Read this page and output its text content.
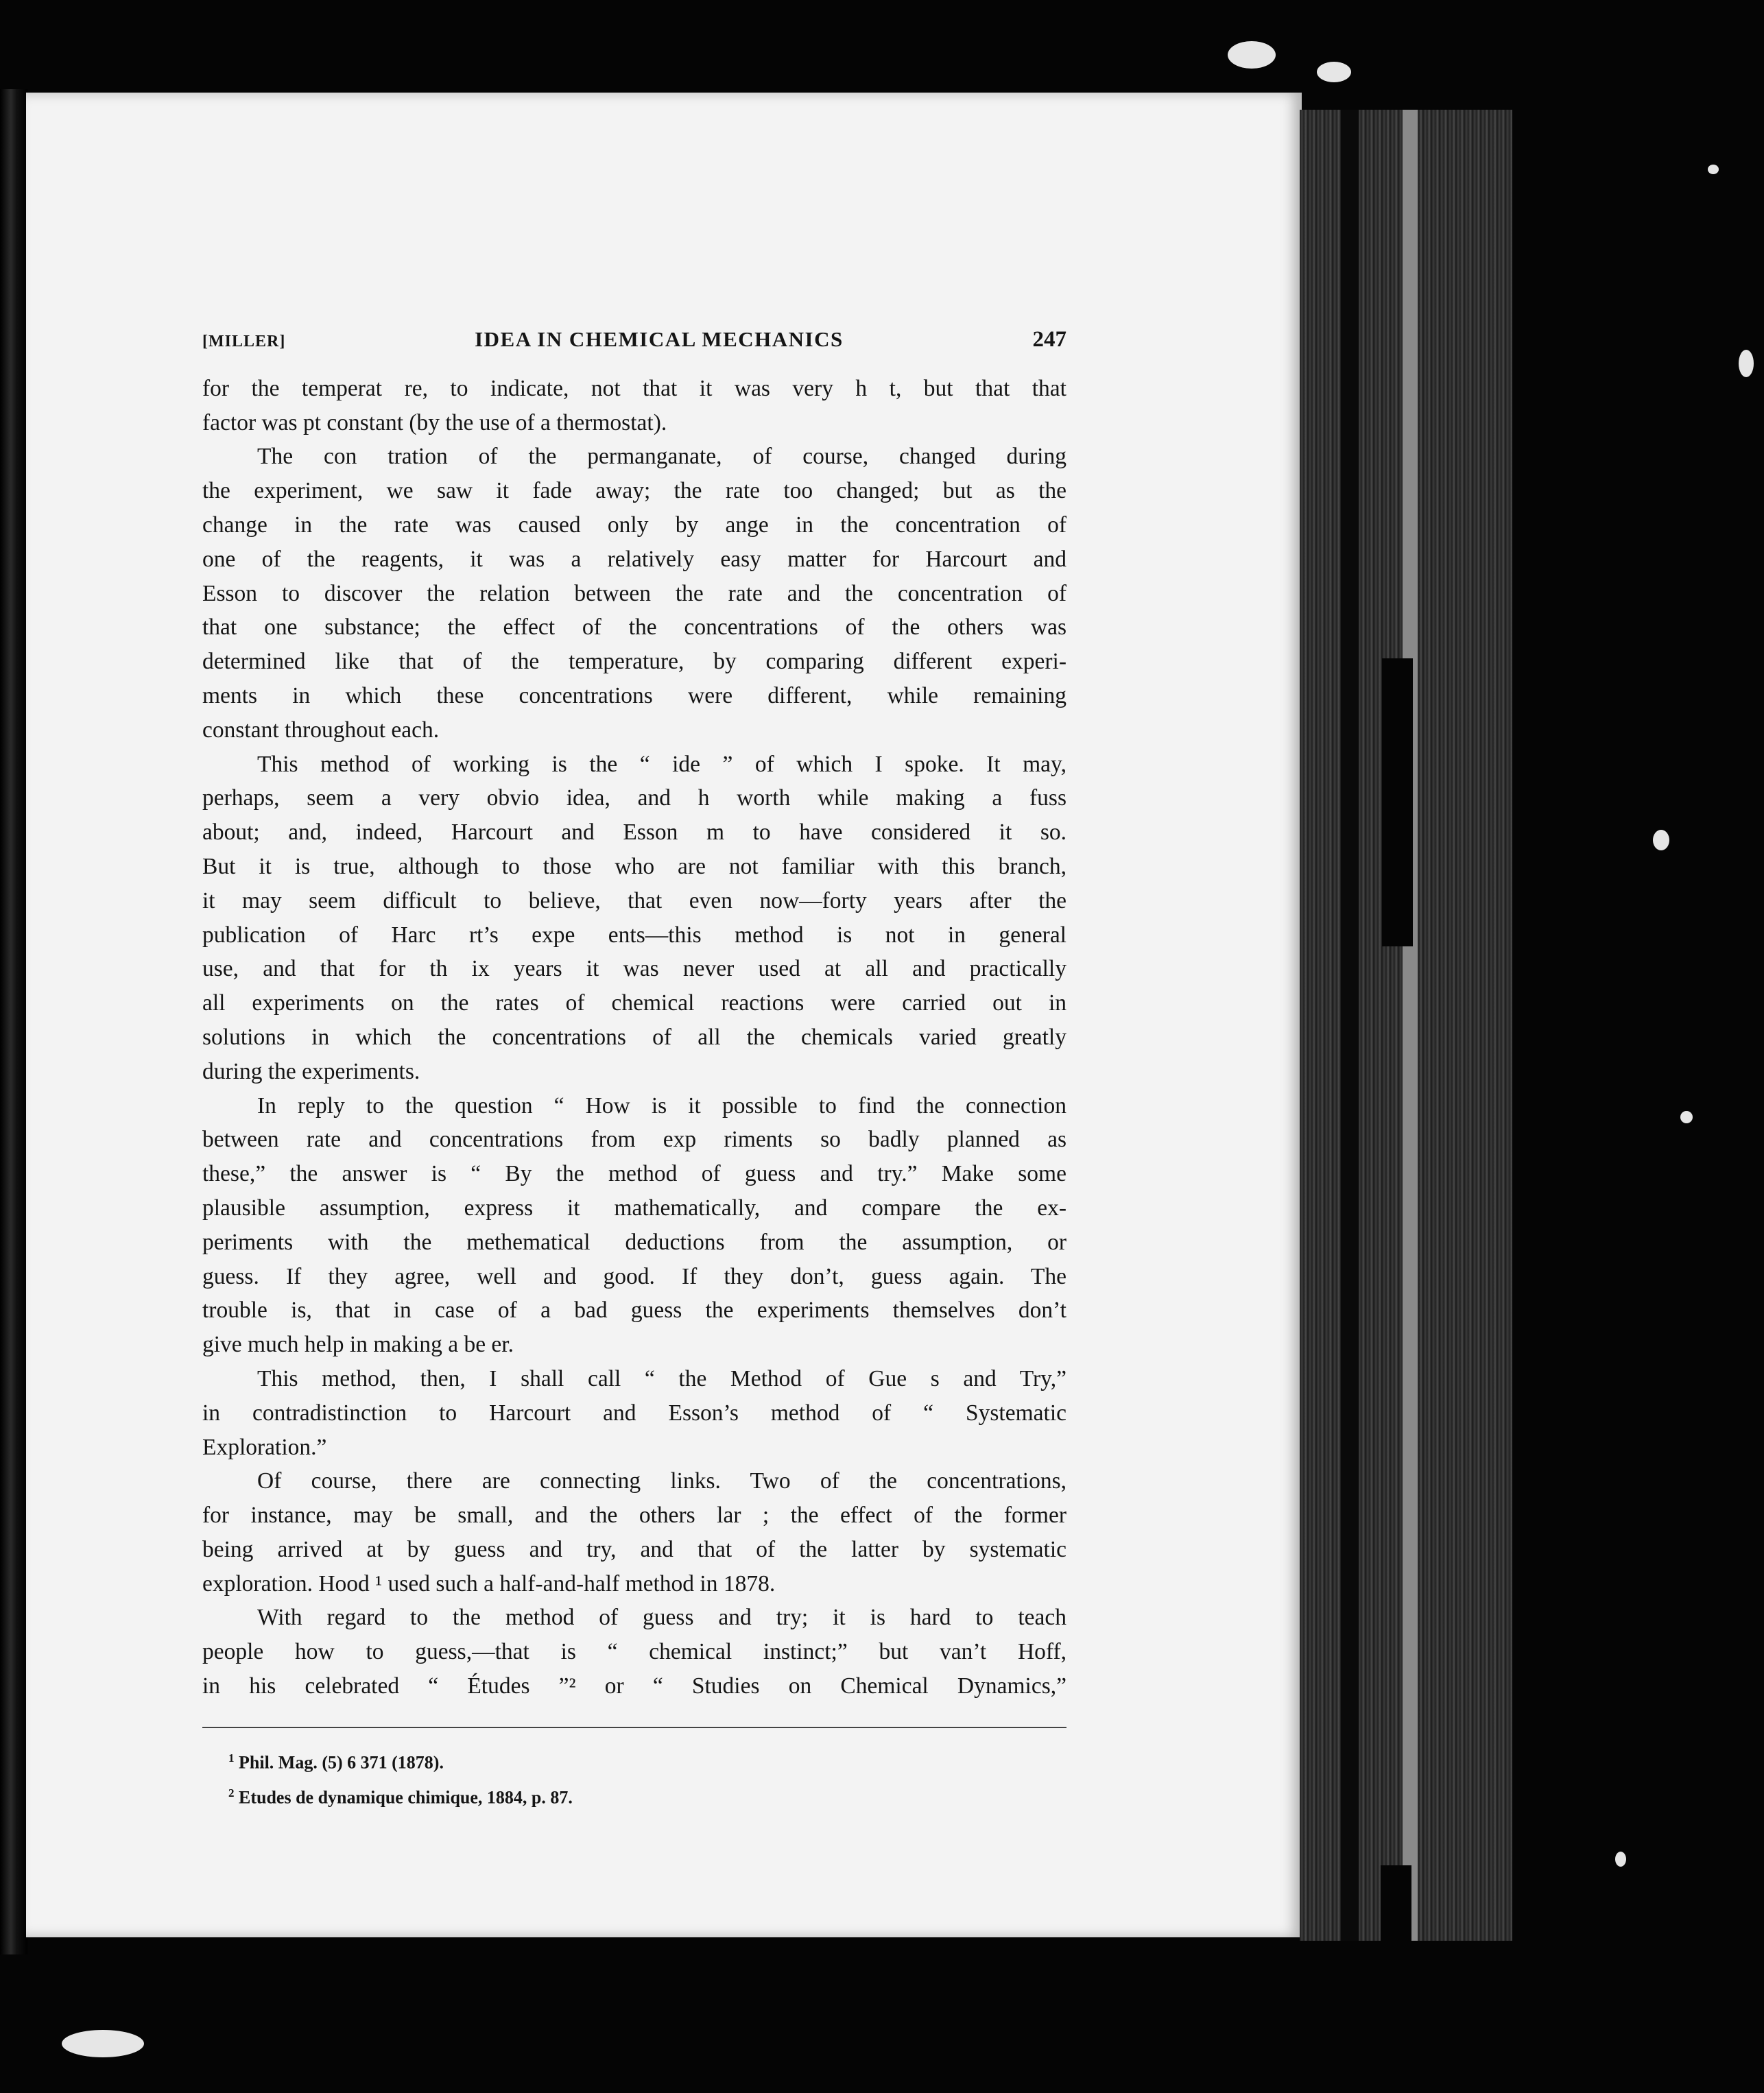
[MILLER]	IDEA IN CHEMICAL MECHANICS	247
for the temperat re, to indicate, not that it was very h t, but that that
factor was pt constant (by the use of a thermostat).
The con tration of the permanganate, of course, changed during
the experiment, we saw it fade away; the rate too changed; but as the
change in the rate was caused only by ange in the concentration of
one of the reagents, it was a relatively easy matter for Harcourt and
Esson to discover the relation between the rate and the concentration of
that one substance; the effect of the concentrations of the others was
determined like that of the temperature, by comparing different experi-
ments in which these concentrations were different, while remaining
constant throughout each.
This method of working is the “ ide ” of which I spoke. It may,
perhaps, seem a very obvio idea, and h worth while making a fuss
about; and, indeed, Harcourt and Esson m to have considered it so.
But it is true, although to those who are not familiar with this branch,
it may seem difficult to believe, that even now—forty years after the
publication of Harc rt’s expe ents—this method is not in general
use, and that for th ix years it was never used at all and practically
all experiments on the rates of chemical reactions were carried out in
solutions in which the concentrations of all the chemicals varied greatly
during the experiments.
In reply to the question “ How is it possible to find the connection
between rate and concentrations from exp riments so badly planned as
these,” the answer is “ By the method of guess and try.” Make some
plausible assumption, express it mathematically, and compare the ex-
periments with the methematical deductions from the assumption, or
guess. If they agree, well and good. If they don’t, guess again. The
trouble is, that in case of a bad guess the experiments themselves don’t
give much help in making a be er.
This method, then, I shall call “ the Method of Gue s and Try,”
in contradistinction to Harcourt and Esson’s method of “ Systematic
Exploration.”
Of course, there are connecting links. Two of the concentrations,
for instance, may be small, and the others lar ; the effect of the former
being arrived at by guess and try, and that of the latter by systematic
exploration. Hood ¹ used such a half-and-half method in 1878.
With regard to the method of guess and try; it is hard to teach
people how to guess,—that is “ chemical instinct;” but van’t Hoff,
in his celebrated “ Études ”² or “ Studies on Chemical Dynamics,”
$^1$ Phil. Mag. (5) 6 371 (1878).
$^2$ Etudes de dynamique chimique, 1884, p. 87.
